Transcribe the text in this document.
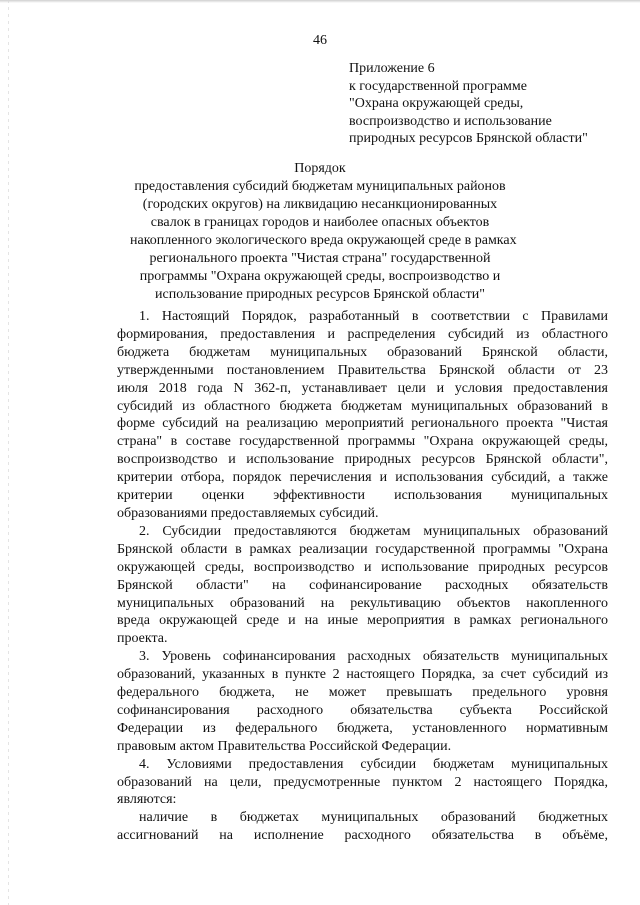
46
Приложение 6
к государственной программе
"Охрана окружающей среды,
воспроизводство и использование
природных ресурсов Брянской области"
Порядок
предоставления субсидий бюджетам муниципальных районов
(городских округов) на ликвидацию несанкционированных
свалок в границах городов и наиболее опасных объектов
накопленного экологического вреда окружающей среде в рамках
регионального проекта "Чистая страна" государственной
программы "Охрана окружающей среды, воспроизводство и
использование природных ресурсов Брянской области"
1. Настоящий Порядок, разработанный в соответствии с Правилами
формирования, предоставления и распределения субсидий из областного
бюджета бюджетам муниципальных образований Брянской области,
утвержденными постановлением Правительства Брянской области от 23
июля 2018 года N 362-п, устанавливает цели и условия предоставления
субсидий из областного бюджета бюджетам муниципальных образований в
форме субсидий на реализацию мероприятий регионального проекта "Чистая
страна" в составе государственной программы "Охрана окружающей среды,
воспроизводство и использование природных ресурсов Брянской области",
критерии отбора, порядок перечисления и использования субсидий, а также
критерии оценки эффективности использования муниципальных
образованиями предоставляемых субсидий.
2. Субсидии предоставляются бюджетам муниципальных образований
Брянской области в рамках реализации государственной программы "Охрана
окружающей среды, воспроизводство и использование природных ресурсов
Брянской области" на софинансирование расходных обязательств
муниципальных образований на рекультивацию объектов накопленного
вреда окружающей среде и на иные мероприятия в рамках регионального
проекта.
3. Уровень софинансирования расходных обязательств муниципальных
образований, указанных в пункте 2 настоящего Порядка, за счет субсидий из
федерального бюджета, не может превышать предельного уровня
софинансирования расходного обязательства субъекта Российской
Федерации из федерального бюджета, установленного нормативным
правовым актом Правительства Российской Федерации.
4. Условиями предоставления субсидии бюджетам муниципальных
образований на цели, предусмотренные пунктом 2 настоящего Порядка,
являются:
наличие в бюджетах муниципальных образований бюджетных
ассигнований на исполнение расходного обязательства в объёме,
